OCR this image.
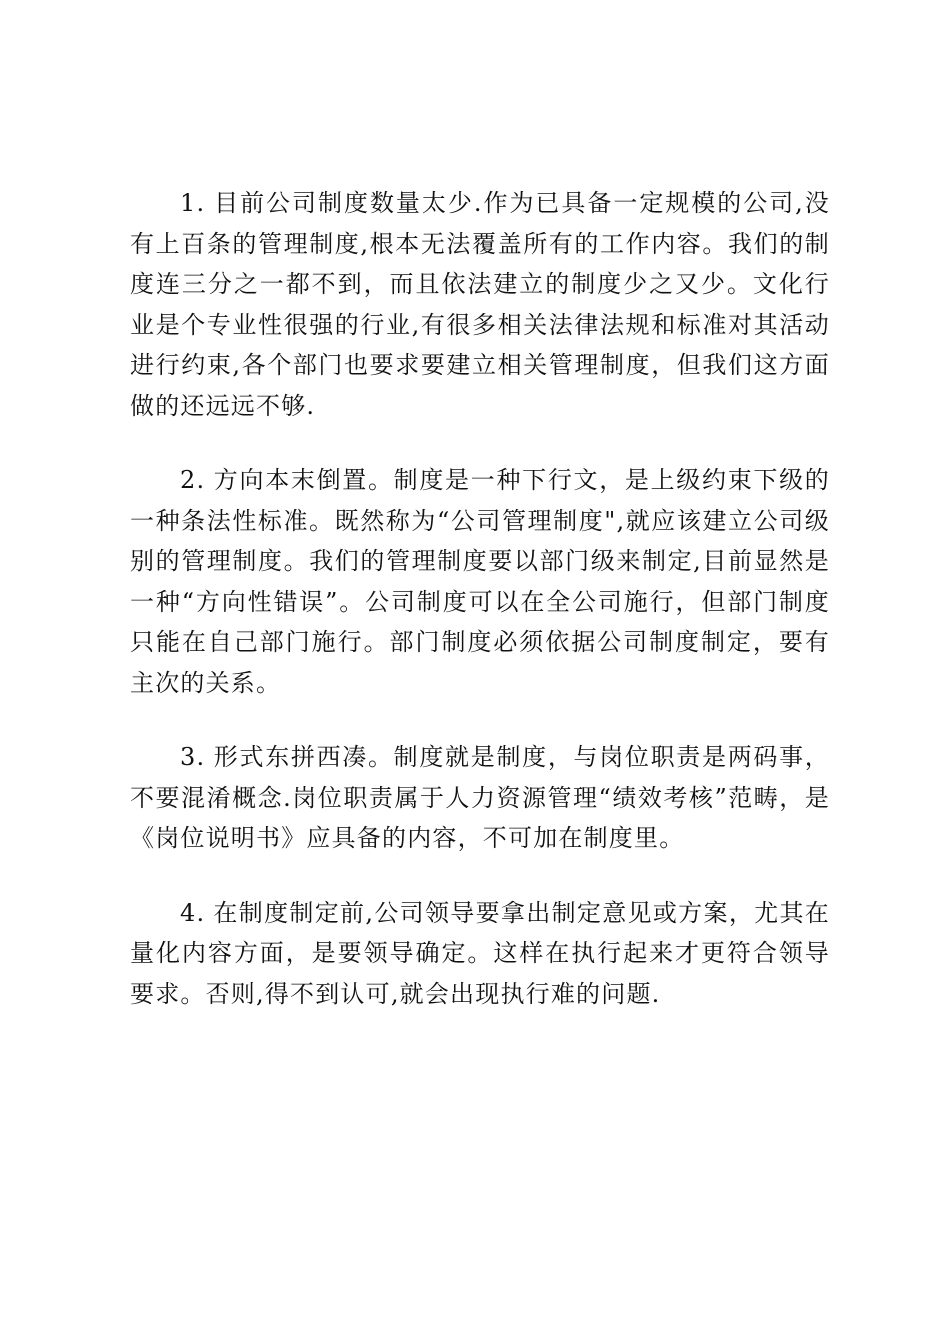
1. 目前公司制度数量太少.作为已具备一定规模的公司,没有上百条的管理制度,根本无法覆盖所有的工作内容。我们的制度连三分之一都不到，而且依法建立的制度少之又少。文化行业是个专业性很强的行业,有很多相关法律法规和标准对其活动进行约束,各个部门也要求要建立相关管理制度，但我们这方面做的还远远不够.

2. 方向本末倒置。制度是一种下行文，是上级约束下级的一种条法性标准。既然称为“公司管理制度",就应该建立公司级别的管理制度。我们的管理制度要以部门级来制定,目前显然是一种“方向性错误”。公司制度可以在全公司施行，但部门制度只能在自己部门施行。部门制度必须依据公司制度制定，要有主次的关系。

3. 形式东拼西凑。制度就是制度，与岗位职责是两码事，不要混淆概念.岗位职责属于人力资源管理“绩效考核”范畴，是《岗位说明书》应具备的内容，不可加在制度里。

4. 在制度制定前,公司领导要拿出制定意见或方案，尤其在量化内容方面，是要领导确定。这样在执行起来才更符合领导要求。否则,得不到认可,就会出现执行难的问题.
